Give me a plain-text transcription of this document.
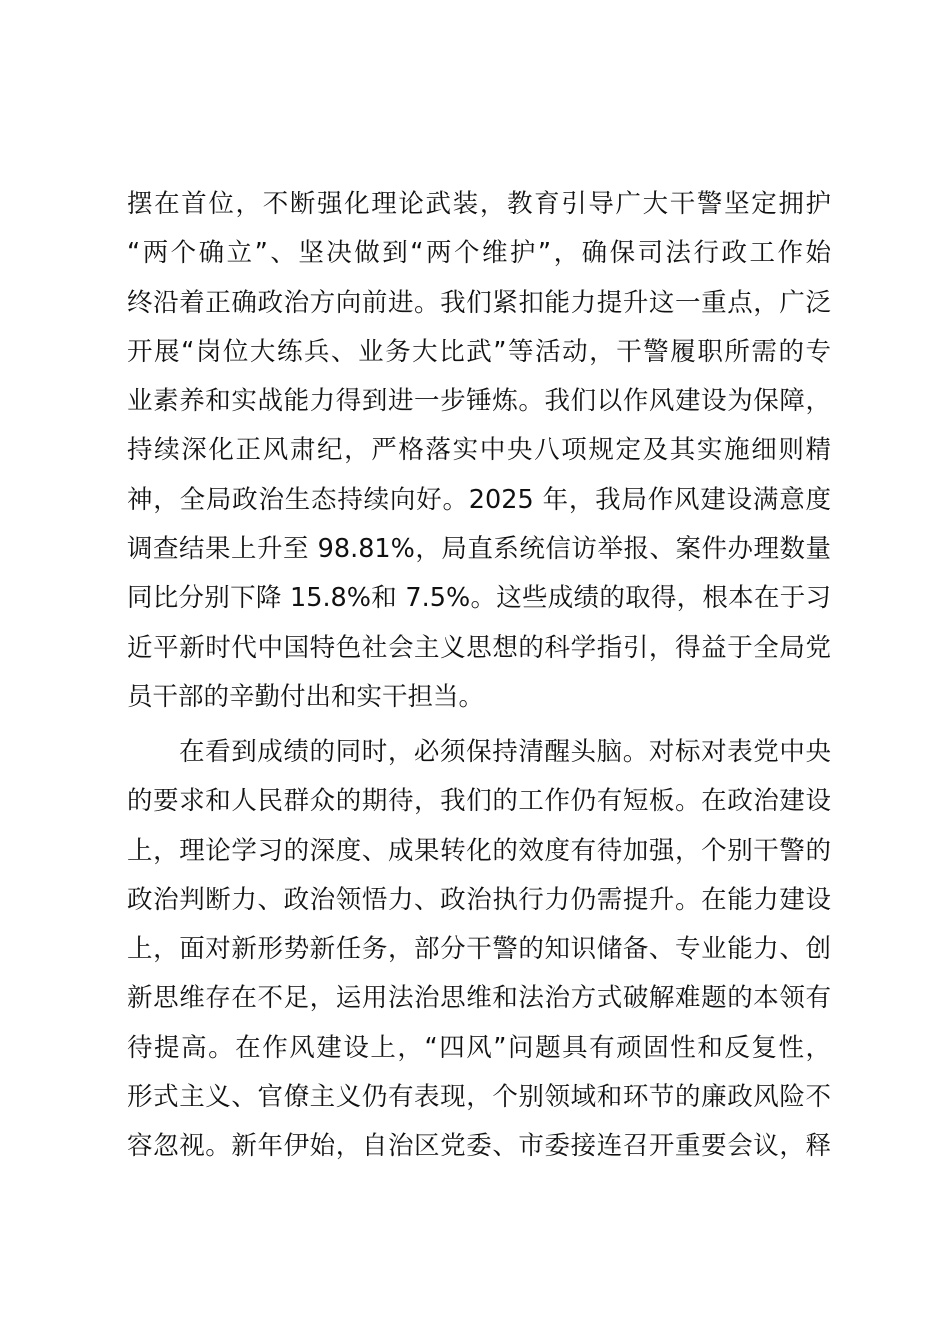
摆在首位，不断强化理论武装，教育引导广大干警坚定拥护
“两个确立”、坚决做到“两个维护”，确保司法行政工作始
终沿着正确政治方向前进。我们紧扣能力提升这一重点，广泛
开展“岗位大练兵、业务大比武”等活动，干警履职所需的专
业素养和实战能力得到进一步锤炼。我们以作风建设为保障，
持续深化正风肃纪，严格落实中央八项规定及其实施细则精
神，全局政治生态持续向好。2025 年，我局作风建设满意度
调查结果上升至 98.81%，局直系统信访举报、案件办理数量
同比分别下降 15.8%和 7.5%。这些成绩的取得，根本在于习
近平新时代中国特色社会主义思想的科学指引，得益于全局党
员干部的辛勤付出和实干担当。
在看到成绩的同时，必须保持清醒头脑。对标对表党中央
的要求和人民群众的期待，我们的工作仍有短板。在政治建设
上，理论学习的深度、成果转化的效度有待加强，个别干警的
政治判断力、政治领悟力、政治执行力仍需提升。在能力建设
上，面对新形势新任务，部分干警的知识储备、专业能力、创
新思维存在不足，运用法治思维和法治方式破解难题的本领有
待提高。在作风建设上，“四风”问题具有顽固性和反复性，
形式主义、官僚主义仍有表现，个别领域和环节的廉政风险不
容忽视。新年伊始，自治区党委、市委接连召开重要会议，释
